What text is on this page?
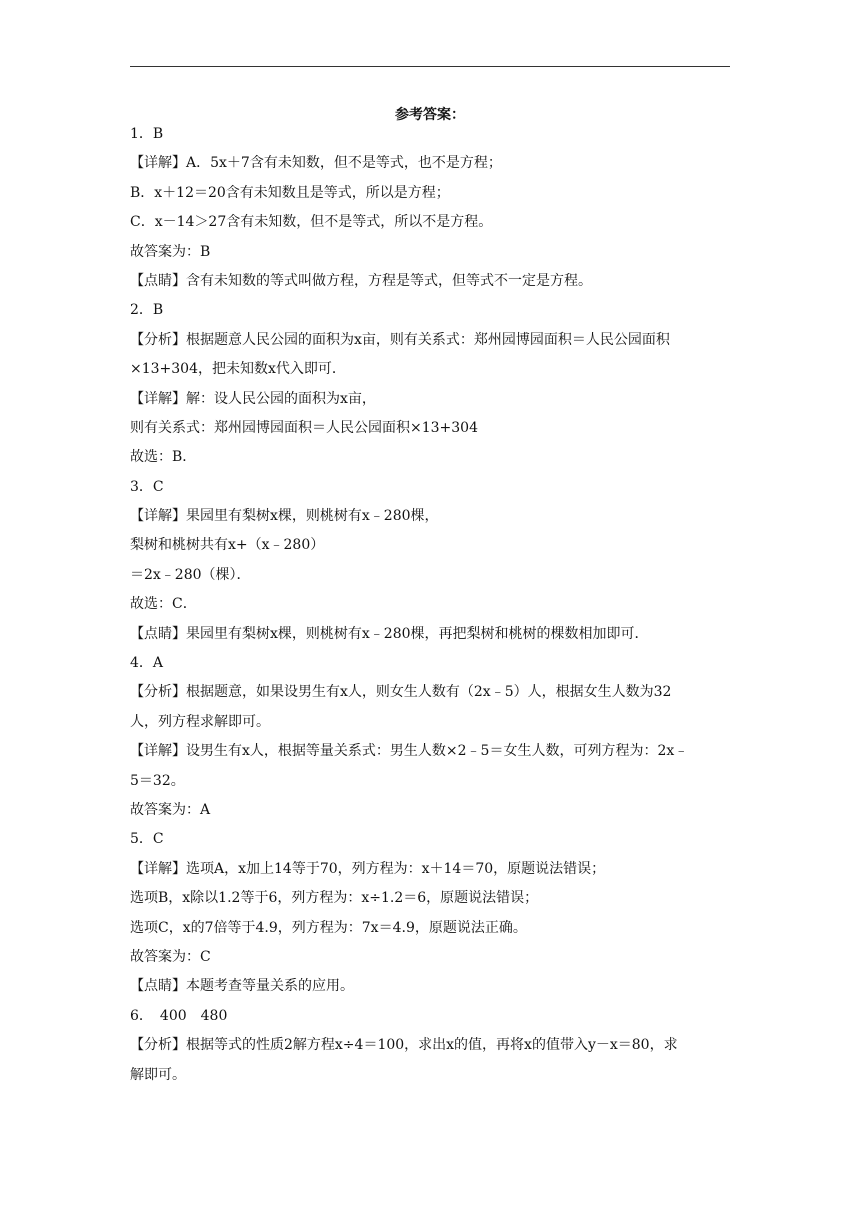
参考答案：
1．B
【详解】A．5x＋7含有未知数，但不是等式，也不是方程；
B．x＋12＝20含有未知数且是等式，所以是方程；
C．x－14＞27含有未知数，但不是等式，所以不是方程。
故答案为：B
【点睛】含有未知数的等式叫做方程，方程是等式，但等式不一定是方程。
2．B
【分析】根据题意人民公园的面积为x亩，则有关系式：郑州园博园面积＝人民公园面积
×13+304，把未知数x代入即可．
【详解】解：设人民公园的面积为x亩，
则有关系式：郑州园博园面积＝人民公园面积×13+304
故选：B．
3．C
【详解】果园里有梨树x棵，则桃树有x﹣280棵，
梨树和桃树共有x+（x﹣280）
＝2x﹣280（棵）．
故选：C．
【点睛】果园里有梨树x棵，则桃树有x﹣280棵，再把梨树和桃树的棵数相加即可．
4．A
【分析】根据题意，如果设男生有x人，则女生人数有（2x﹣5）人，根据女生人数为32
人，列方程求解即可。
【详解】设男生有x人，根据等量关系式：男生人数×2﹣5＝女生人数，可列方程为：2x﹣
5＝32。
故答案为：A
5．C
【详解】选项A，x加上14等于70，列方程为：x＋14＝70，原题说法错误；
选项B，x除以1.2等于6，列方程为：x÷1.2＝6，原题说法错误；
选项C，x的7倍等于4.9，列方程为：7x＝4.9，原题说法正确。
故答案为：C
【点睛】本题考查等量关系的应用。
6．　400　480
【分析】根据等式的性质2解方程x÷4＝100，求出x的值，再将x的值带入y－x＝80，求
解即可。
